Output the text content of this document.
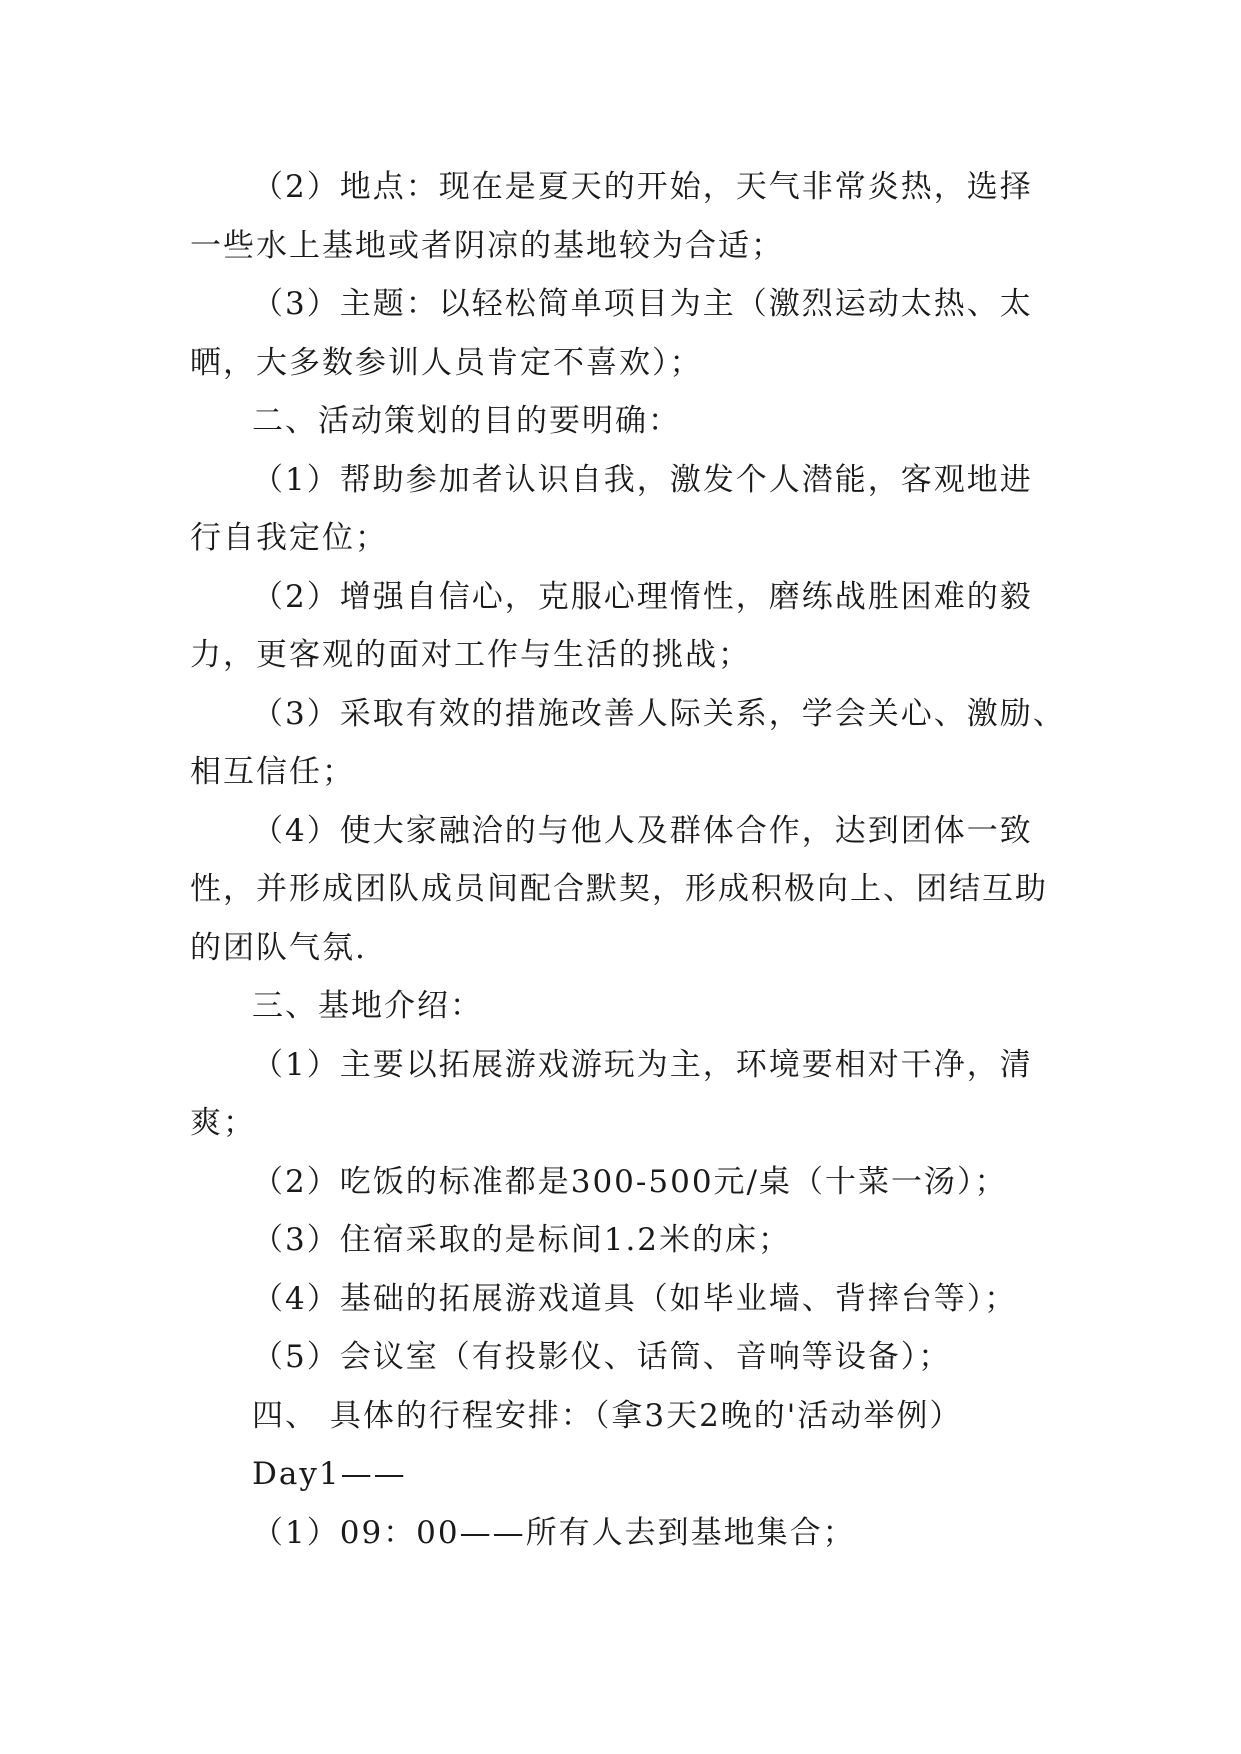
（2）地点：现在是夏天的开始，天气非常炎热，选择
一些水上基地或者阴凉的基地较为合适；
（3）主题：以轻松简单项目为主（激烈运动太热、太
晒，大多数参训人员肯定不喜欢）；
二、活动策划的目的要明确：
（1）帮助参加者认识自我，激发个人潜能，客观地进
行自我定位；
（2）增强自信心，克服心理惰性，磨练战胜困难的毅
力，更客观的面对工作与生活的挑战；
（3）采取有效的措施改善人际关系，学会关心、激励、
相互信任；
（4）使大家融洽的与他人及群体合作，达到团体一致
性，并形成团队成员间配合默契，形成积极向上、团结互助
的团队气氛.
三、基地介绍：
（1）主要以拓展游戏游玩为主，环境要相对干净，清
爽；
（2）吃饭的标准都是300-500元/桌（十菜一汤）；
（3）住宿采取的是标间1.2米的床；
（4）基础的拓展游戏道具（如毕业墙、背摔台等）；
（5）会议室（有投影仪、话筒、音响等设备）；
四、 具体的行程安排：（拿3天2晚的'活动举例）
Day1——
（1）09：00——所有人去到基地集合；
